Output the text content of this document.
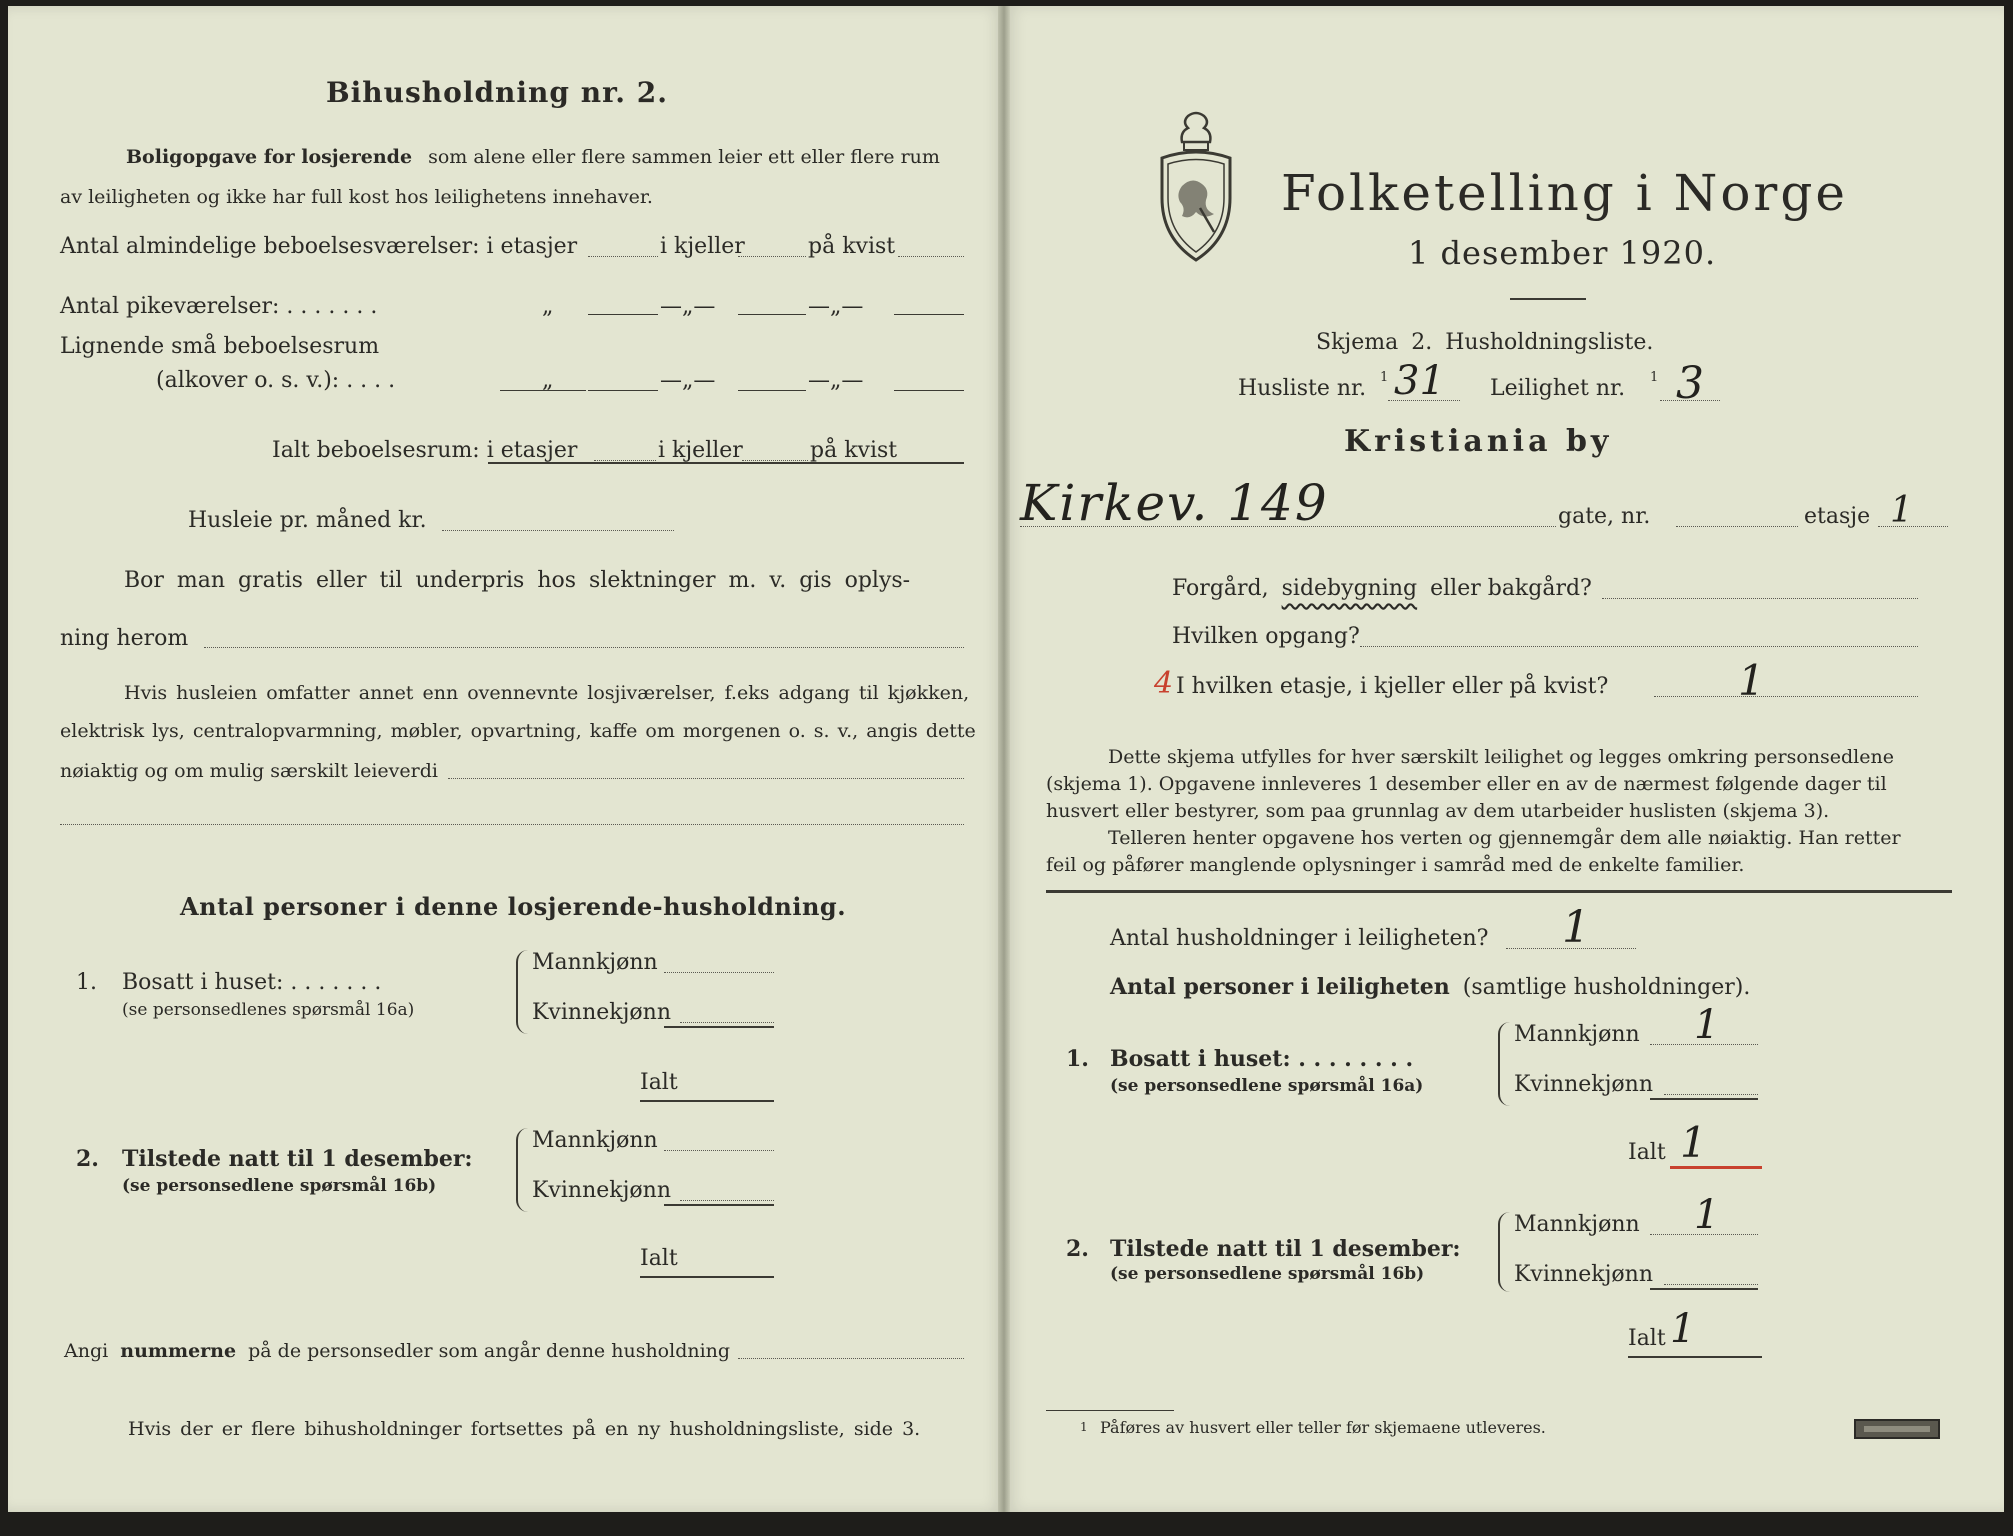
Bihusholdning nr. 2.
Boligopgave for losjerende som alene eller flere sammen leier ett eller flere rum
av leiligheten og ikke har full kost hos leilighetens innehaver.
Antal almindelige beboelsesværelser: i etasjer	i kjeller	på kvist
Antal pikeværelser: . . . . . . .	„	—„—	—„—
Lignende små beboelsesrum
(alkover o. s. v.): . . . .	„	—„—	—„—
Ialt beboelsesrum: i etasjer	i kjeller	på kvist
Husleie pr. måned kr.
Bor man gratis eller til underpris hos slektninger m. v. gis oplys-
ning herom
Hvis husleien omfatter annet enn ovennevnte losjiværelser, f.eks adgang til kjøkken,
elektrisk lys, centralopvarmning, møbler, opvartning, kaffe om morgenen o. s. v., angis dette
nøiaktig og om mulig særskilt leieverdi
Antal personer i denne losjerende-husholdning.
1. Bosatt i huset: . . . . . . .
(se personsedlenes spørsmål 16a)
Mannkjønn
Kvinnekjønn
Ialt
2. Tilstede natt til 1 desember:
(se personsedlene spørsmål 16b)
Mannkjønn
Kvinnekjønn
Ialt
Angi nummerne på de personsedler som angår denne husholdning
Hvis der er flere bihusholdninger fortsettes på en ny husholdningsliste, side 3.
Folketelling i Norge
1 desember 1920.
Skjema 2. Husholdningsliste.
Husliste nr. 1 31 Leilighet nr. 1 3
Kristiania by
Kirkev. 149	gate, nr.	etasje 1
Forgård, sidebygning eller bakgård?
Hvilken opgang?
4 I hvilken etasje, i kjeller eller på kvist?	1
Dette skjema utfylles for hver særskilt leilighet og legges omkring personsedlene
(skjema 1). Opgavene innleveres 1 desember eller en av de nærmest følgende dager til
husvert eller bestyrer, som paa grunnlag av dem utarbeider huslisten (skjema 3).
Telleren henter opgavene hos verten og gjennemgår dem alle nøiaktig. Han retter
feil og påfører manglende oplysninger i samråd med de enkelte familier.
Antal husholdninger i leiligheten? 1
Antal personer i leiligheten (samtlige husholdninger).
1. Bosatt i huset: . . . . . . . .
(se personsedlene spørsmål 16a)
Mannkjønn 1
Kvinnekjønn
Ialt 1
2. Tilstede natt til 1 desember:
(se personsedlene spørsmål 16b)
Mannkjønn 1
Kvinnekjønn
Ialt 1
1 Påføres av husvert eller teller før skjemaene utleveres.
